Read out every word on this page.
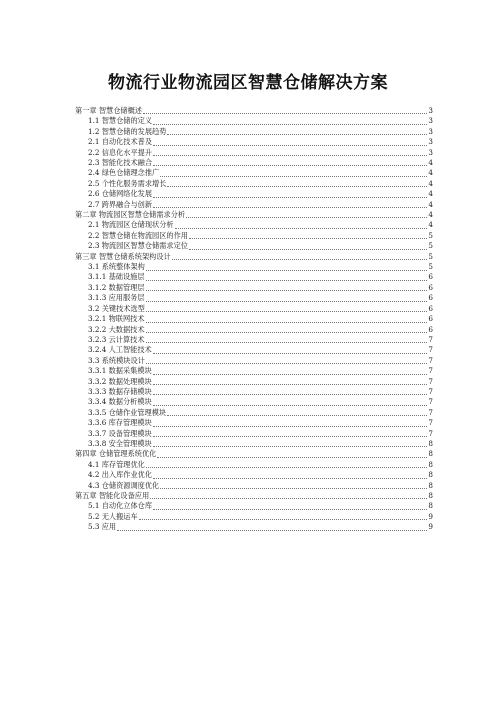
物流行业物流园区智慧仓储解决方案
第一章 智慧仓储概述	3
1.1 智慧仓储的定义	3
1.2 智慧仓储的发展趋势	3
2.1 自动化技术普及	3
2.2 信息化水平提升	3
2.3 智能化技术融合	4
2.4 绿色仓储理念推广	4
2.5 个性化服务需求增长	4
2.6 仓储网络化发展	4
2.7 跨界融合与创新	4
第二章 物流园区智慧仓储需求分析	4
2.1 物流园区仓储现状分析	4
2.2 智慧仓储在物流园区的作用	5
2.3 物流园区智慧仓储需求定位	5
第三章 智慧仓储系统架构设计	5
3.1 系统整体架构	5
3.1.1 基础设施层	6
3.1.2 数据管理层	6
3.1.3 应用服务层	6
3.2 关键技术选型	6
3.2.1 物联网技术	6
3.2.2 大数据技术	6
3.2.3 云计算技术	7
3.2.4 人工智能技术	7
3.3 系统模块设计	7
3.3.1 数据采集模块	7
3.3.2 数据处理模块	7
3.3.3 数据存储模块	7
3.3.4 数据分析模块	7
3.3.5 仓储作业管理模块	7
3.3.6 库存管理模块	7
3.3.7 设备管理模块	7
3.3.8 安全管理模块	8
第四章 仓储管理系统优化	8
4.1 库存管理优化	8
4.2 出入库作业优化	8
4.3 仓储资源调度优化	8
第五章 智能化设备应用	8
5.1 自动化立体仓库	8
5.2 无人搬运车	9
5.3 应用	9
